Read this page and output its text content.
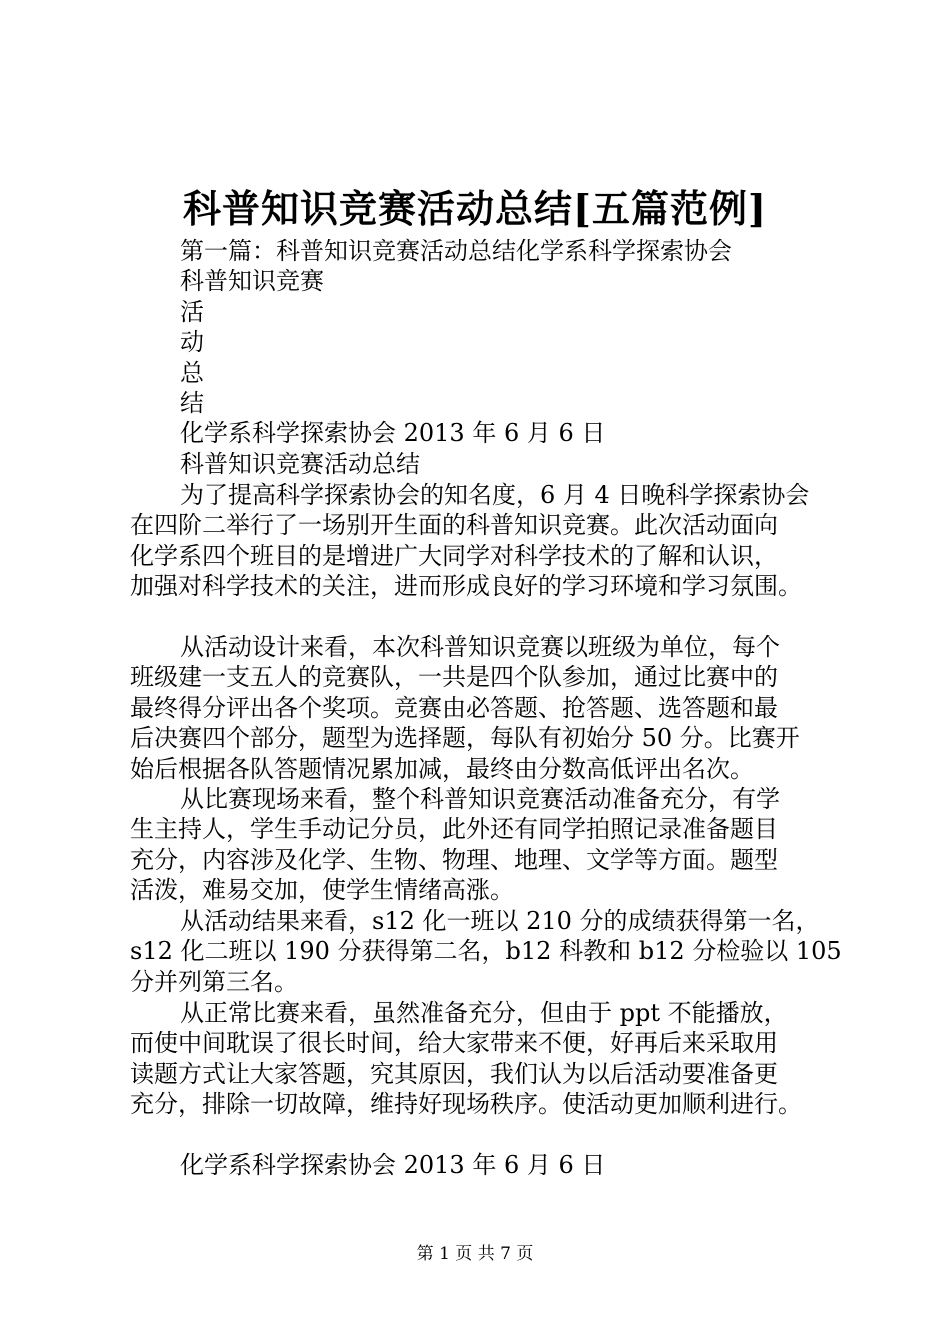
科普知识竞赛活动总结[五篇范例]
第一篇：科普知识竞赛活动总结化学系科学探索协会
科普知识竞赛
活
动
总
结
化学系科学探索协会 2013 年 6 月 6 日
科普知识竞赛活动总结
为了提高科学探索协会的知名度，6 月 4 日晚科学探索协会
在四阶二举行了一场别开生面的科普知识竞赛。此次活动面向
化学系四个班目的是增进广大同学对科学技术的了解和认识，
加强对科学技术的关注，进而形成良好的学习环境和学习氛围。
从活动设计来看，本次科普知识竞赛以班级为单位，每个
班级建一支五人的竞赛队，一共是四个队参加，通过比赛中的
最终得分评出各个奖项。竞赛由必答题、抢答题、选答题和最
后决赛四个部分，题型为选择题，每队有初始分 50 分。比赛开
始后根据各队答题情况累加减，最终由分数高低评出名次。
从比赛现场来看，整个科普知识竞赛活动准备充分，有学
生主持人，学生手动记分员，此外还有同学拍照记录准备题目
充分，内容涉及化学、生物、物理、地理、文学等方面。题型
活泼，难易交加，使学生情绪高涨。
从活动结果来看，s12 化一班以 210 分的成绩获得第一名，
s12 化二班以 190 分获得第二名，b12 科教和 b12 分检验以 105
分并列第三名。
从正常比赛来看，虽然准备充分，但由于 ppt 不能播放，
而使中间耽误了很长时间，给大家带来不便，好再后来采取用
读题方式让大家答题，究其原因，我们认为以后活动要准备更
充分，排除一切故障，维持好现场秩序。使活动更加顺利进行。
化学系科学探索协会 2013 年 6 月 6 日
第 1 页 共 7 页
